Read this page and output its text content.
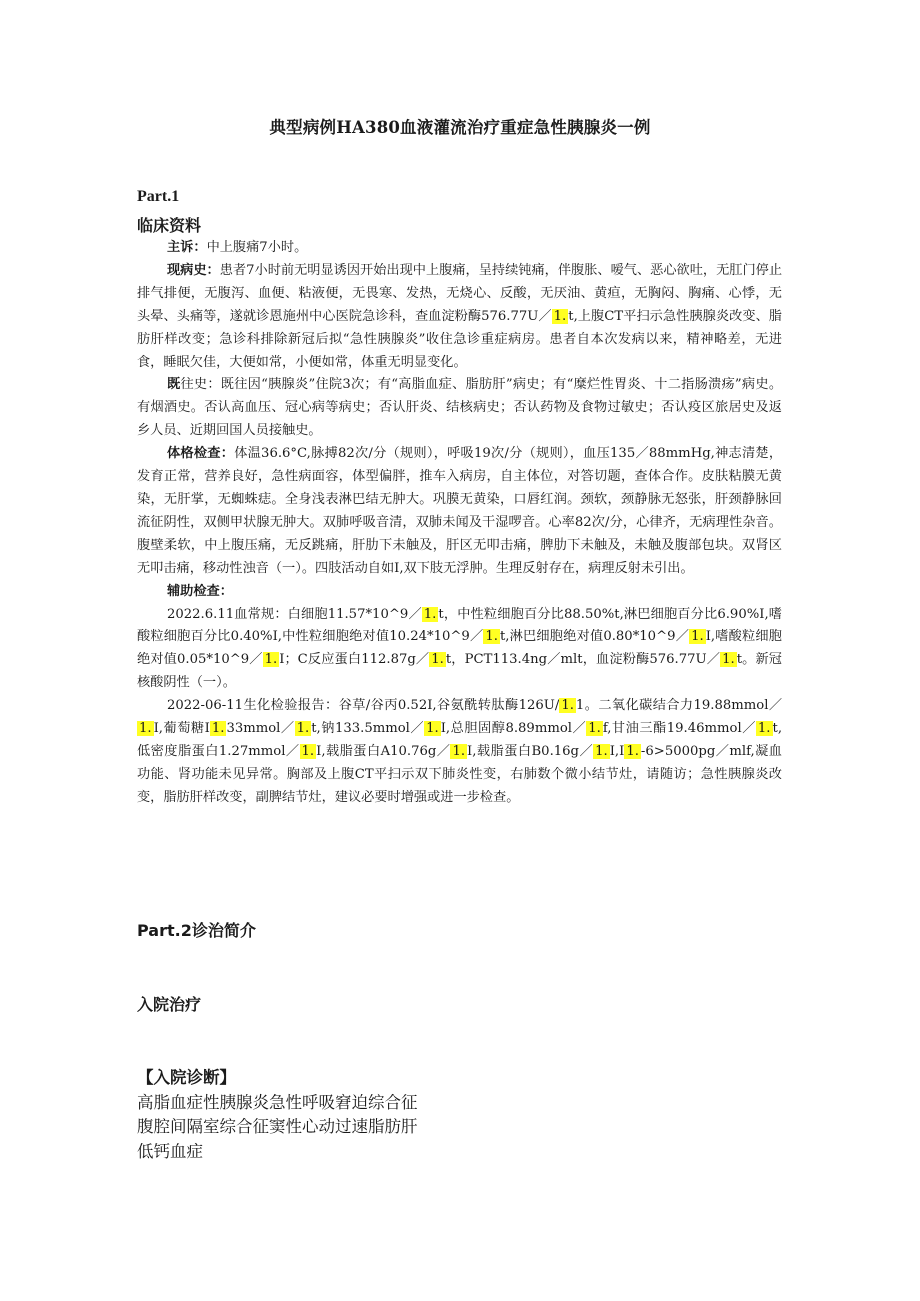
典型病例HA380血液灌流治疗重症急性胰腺炎一例
Part.1
临床资料

主诉：中上腹痛7小时。

现病史：患者7小时前无明显诱因开始出现中上腹痛，呈持续钝痛，伴腹胀、嗳气、恶心欲吐，无肛门停止排气排便，无腹泻、血便、粘液便，无畏寒、发热，无烧心、反酸，无厌油、黄疸，无胸闷、胸痛、心悸，无头晕、头痛等，遂就诊恩施州中心医院急诊科，查血淀粉酶576.77U／ 1. t,上腹CT平扫示急性胰腺炎改变、脂肪肝样改变；急诊科排除新冠后拟“急性胰腺炎”收住急诊重症病房。患者自本次发病以来，精神略差，无进食，睡眠欠佳，大便如常，小便如常，体重无明显变化。

既往史：既往因“胰腺炎”住院3次；有“高脂血症、脂肪肝”病史；有“糜烂性胃炎、十二指肠溃疡”病史。有烟酒史。否认高血压、冠心病等病史；否认肝炎、结核病史；否认药物及食物过敏史；否认疫区旅居史及返乡人员、近期回国人员接触史。

体格检查：体温36.6°C,脉搏82次/分（规则），呼吸19次/分（规则），血压135／88mmHg,神志清楚，发育正常，营养良好，急性病面容，体型偏胖，推车入病房，自主体位，对答切题，查体合作。皮肤粘膜无黄染，无肝掌，无蜘蛛痣。全身浅表淋巴结无肿大。巩膜无黄染，口唇红润。颈软，颈静脉无怒张，肝颈静脉回流征阴性，双侧甲状腺无肿大。双肺呼吸音清，双肺未闻及干湿啰音。心率82次/分，心律齐，无病理性杂音。腹壁柔软，中上腹压痛，无反跳痛，肝肋下未触及，肝区无叩击痛，脾肋下未触及，未触及腹部包块。双肾区无叩击痛，移动性浊音（一）。四肢活动自如I,双下肢无浮肿。生理反射存在，病理反射未引出。

辅助检查：

2022.6.11血常规：白细胞11.57*10^9／ 1. t，中性粒细胞百分比88.50%t,淋巴细胞百分比6.90%I,嗜酸粒细胞百分比0.40%I,中性粒细胞绝对值10.24*10^9／ 1. t,淋巴细胞绝对值0.80*10^9／ 1. I,嗜酸粒细胞绝对值0.05*10^9／ 1. I；C反应蛋白112.87g／ 1. t，PCT113.4ng／mlt，血淀粉酶576.77U／ 1. t。新冠核酸阴性（一）。

2022-06-11生化检验报告：谷草/谷丙0.52I,谷氨酰转肽酶126U/ 1. 1。二氧化碳结合力19.88mmol／1. I,葡萄糖I 1. 33mmol／ 1. t,钠133.5mmol／ 1. I,总胆固醇8.89mmol／ 1. f,甘油三酯19.46mmol／ 1. t,低密度脂蛋白1.27mmol／ 1. I,载脂蛋白A10.76g／ 1. I,载脂蛋白B0.16g／ 1. I,I 1. -6>5000pg／mlf,凝血功能、肾功能未见异常。胸部及上腹CT平扫示双下肺炎性变，右肺数个微小结节灶，请随访；急性胰腺炎改变，脂肪肝样改变，副脾结节灶，建议必要时增强或进一步检查。

Part.2诊治简介
入院治疗
【入院诊断】
高脂血症性胰腺炎急性呼吸窘迫综合征
腹腔间隔室综合征窦性心动过速脂肪肝
低钙血症
